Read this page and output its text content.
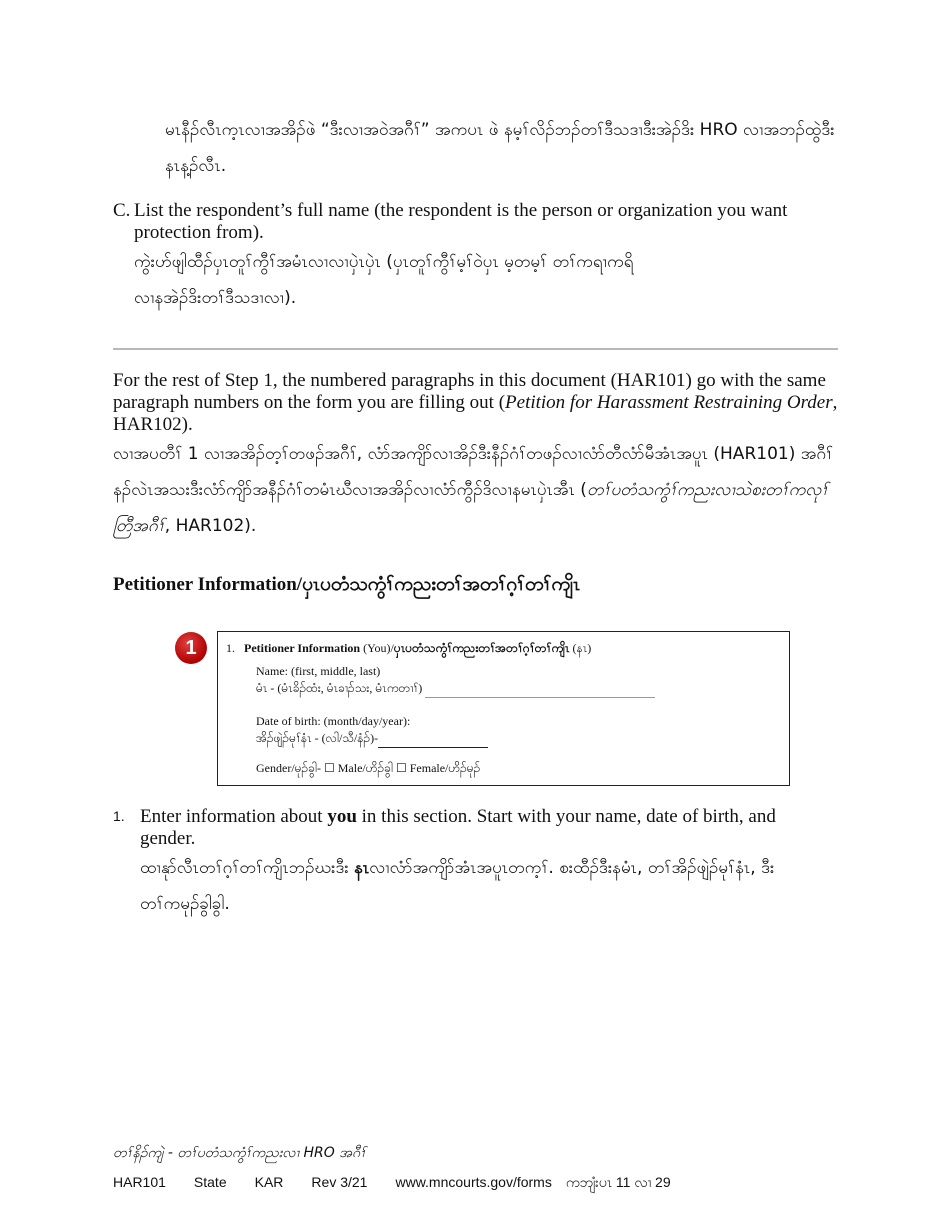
မၤနီၣ်လီၤက့ၤလၢအအိၣ်ဖဲ “ဒီးလၢအဝဲအဂီၢ်” အကပၤ ဖဲ နမ့ၢ်လိၣ်ဘၣ်တၢ်ဒီသဒၢဒီးအဲၣ်ဒိး HRO လၢအဘၣ်ထွဲဒီးနၤန့ၣ်လီၤ.

C. List the respondent’s full name (the respondent is the person or organization you want protection from).

ကွဲးဟ်ဖျါထီၣ်ပှၤတူၢ်ကွီၢ်အမံၤလၢလၢပှဲၤပှဲၤ (ပှၤတူၢ်ကွီၢ်မ့ၢ်ဝဲပှၤ မ့တမ့ၢ် တၢ်ကရၢကရိလၢနအဲၣ်ဒိးတၢ်ဒီသဒၢလၢ).

For the rest of Step 1, the numbered paragraphs in this document (HAR101) go with the same paragraph numbers on the form you are filling out (Petition for Harassment Restraining Order, HAR102).

လၢအပတီၢ် 1 လၢအအိၣ်တ့ၢ်တဖၣ်အဂီၢ်, လံာ်အကျိာ်လၢအိၣ်ဒီးနီၣ်ဂံၢ်တဖၣ်လၢလံာ်တီလံာ်မီအံၤအပူၤ (HAR101) အဂီၢ်နၣ်လဲၤအသးဒီးလံာ်ကျိာ်အနီၣ်ဂံၢ်တမံၤဃီလၢအအိၣ်လၢလံာ်ကွီၣ်ဒိလၢနမၤပှဲၤအီၤ (တၢ်ပတံသကွံၢ်ကညးလၢသဲစးတၢ်ကလုၢ်တြီအဂီၢ်, HAR102).

Petitioner Information/ပှၤပတံသကွံၢ်ကညးတၢ်အတၢ်ဂ့ၢ်တၢ်ကျိၤ
1	1. Petitioner Information (You)/ပှၤပတံသကွံၢ်ကညးတၢ်အတၢ်ဂ့ၢ်တၢ်ကျိၤ (နၤ)
Name: (first, middle, last)
မံၤ - (မံၤခိၣ်ထံး, မံၤခၢၣ်သး, မံၤကတၢၢ်)
Date of birth: (month/day/year):
အိၣ်ဖျဲၣ်မုၢ်နံၤ - (လါ/သီ/နံၣ်)-
Gender/မုၣ်ခွါ- ☐ Male/ဟိၣ်ခွါ ☐ Female/ဟိၣ်မုၣ်
1. Enter information about you in this section. Start with your name, date of birth, and gender.

ထၢနုာ်လီၤတၢ်ဂ့ၢ်တၢ်ကျိၤဘၣ်ဃးဒီး နၤလၢလံာ်အကျိာ်အံၤအပူၤတက့ၢ်. စးထီၣ်ဒီးနမံၤ, တၢ်အိၣ်ဖျဲၣ်မုၢ်နံၤ, ဒီး တၢ်ကမုၣ်ခွါခွါ.

တၢ်နိၣ်ကျဲ - တၢ်ပတံသကွံၢ်ကညးလၢ HRO အဂီၢ်
HAR101 State KAR Rev 3/21 www.mncourts.gov/forms ကဘျံးပၤ 11 လၢ 29
